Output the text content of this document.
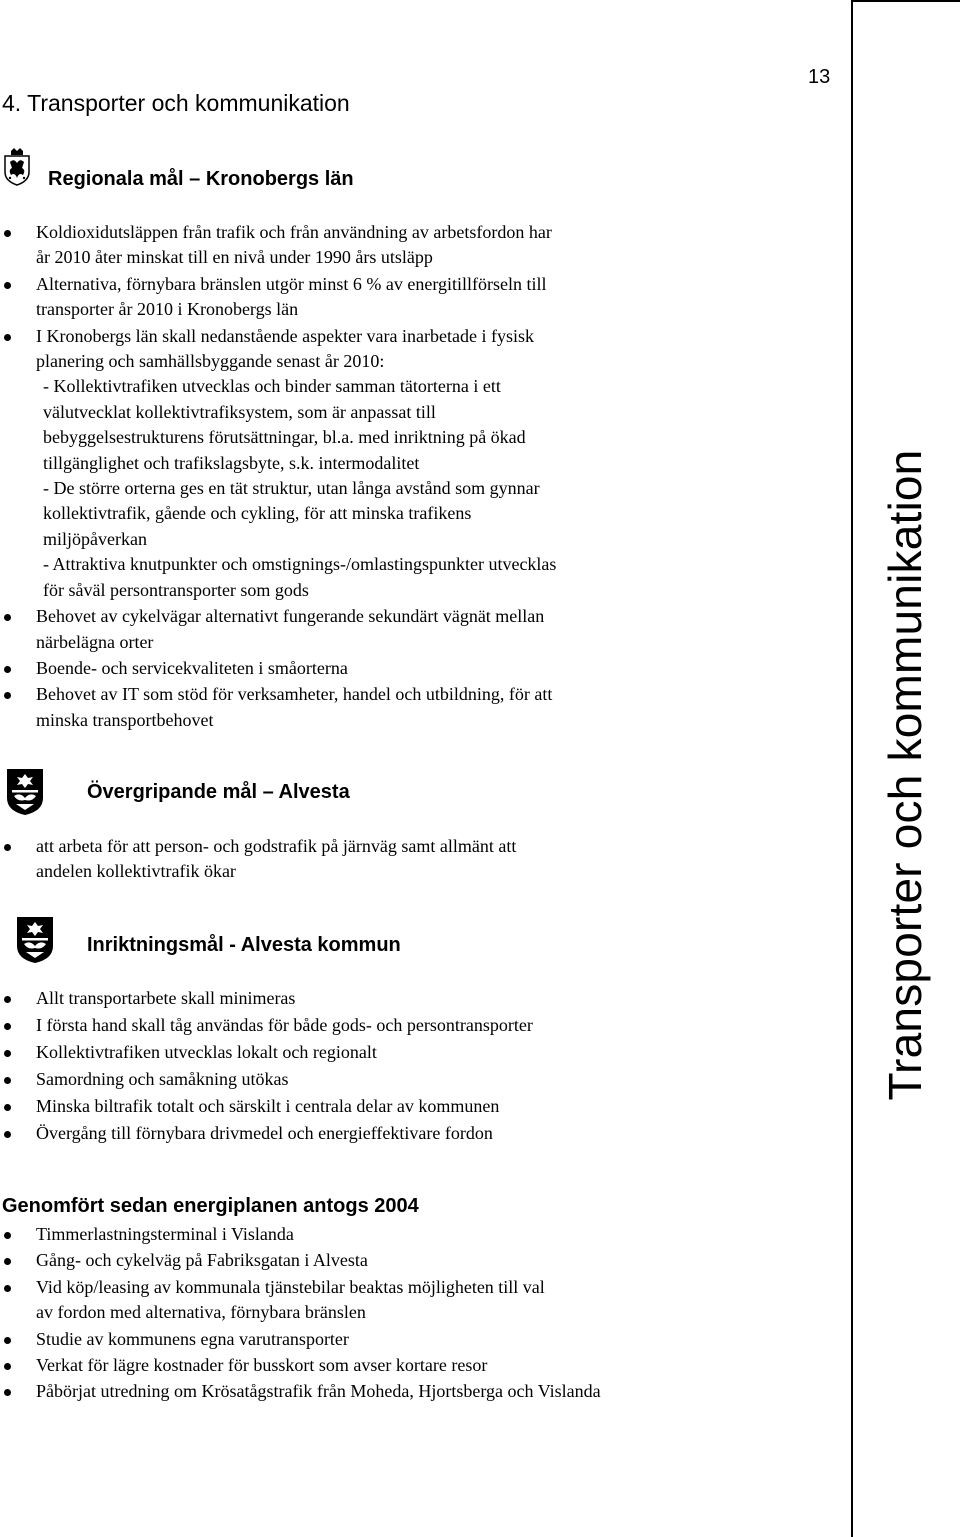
Transporter och kommunikation
13
4. Transporter och kommunikation
Regionala mål – Kronobergs län
Koldioxidutsläppen från trafik och från användning av arbetsfordon har
år 2010 åter minskat till en nivå under 1990 års utsläpp
Alternativa, förnybara bränslen utgör minst 6 % av energitillförseln till
transporter år 2010 i Kronobergs län
I Kronobergs län skall nedanstående aspekter vara inarbetade i fysisk
planering och samhällsbyggande senast år 2010:
- Kollektivtrafiken utvecklas och binder samman tätorterna i ett
välutvecklat kollektivtrafiksystem, som är anpassat till
bebyggelsestrukturens förutsättningar, bl.a. med inriktning på ökad
tillgänglighet och trafikslagsbyte, s.k. intermodalitet
- De större orterna ges en tät struktur, utan långa avstånd som gynnar
kollektivtrafik, gående och cykling, för att minska trafikens
miljöpåverkan
- Attraktiva knutpunkter och omstignings-/omlastingspunkter utvecklas
för såväl persontransporter som gods
Behovet av cykelvägar alternativt fungerande sekundärt vägnät mellan
närbelägna orter
Boende- och servicekvaliteten i småorterna
Behovet av IT som stöd för verksamheter, handel och utbildning, för att
minska transportbehovet
Övergripande mål – Alvesta
att arbeta för att person- och godstrafik på järnväg samt allmänt att
andelen kollektivtrafik ökar
Inriktningsmål - Alvesta kommun
Allt transportarbete skall minimeras
I första hand skall tåg användas för både gods- och persontransporter
Kollektivtrafiken utvecklas lokalt och regionalt
Samordning och samåkning utökas
Minska biltrafik totalt och särskilt i centrala delar av kommunen
Övergång till förnybara drivmedel och energieffektivare fordon
Genomfört sedan energiplanen antogs 2004
Timmerlastningsterminal i Vislanda
Gång- och cykelväg på Fabriksgatan i Alvesta
Vid köp/leasing av kommunala tjänstebilar beaktas möjligheten till val
av fordon med alternativa, förnybara bränslen
Studie av kommunens egna varutransporter
Verkat för lägre kostnader för busskort som avser kortare resor
Påbörjat utredning om Krösatågstrafik från Moheda, Hjortsberga och Vislanda
